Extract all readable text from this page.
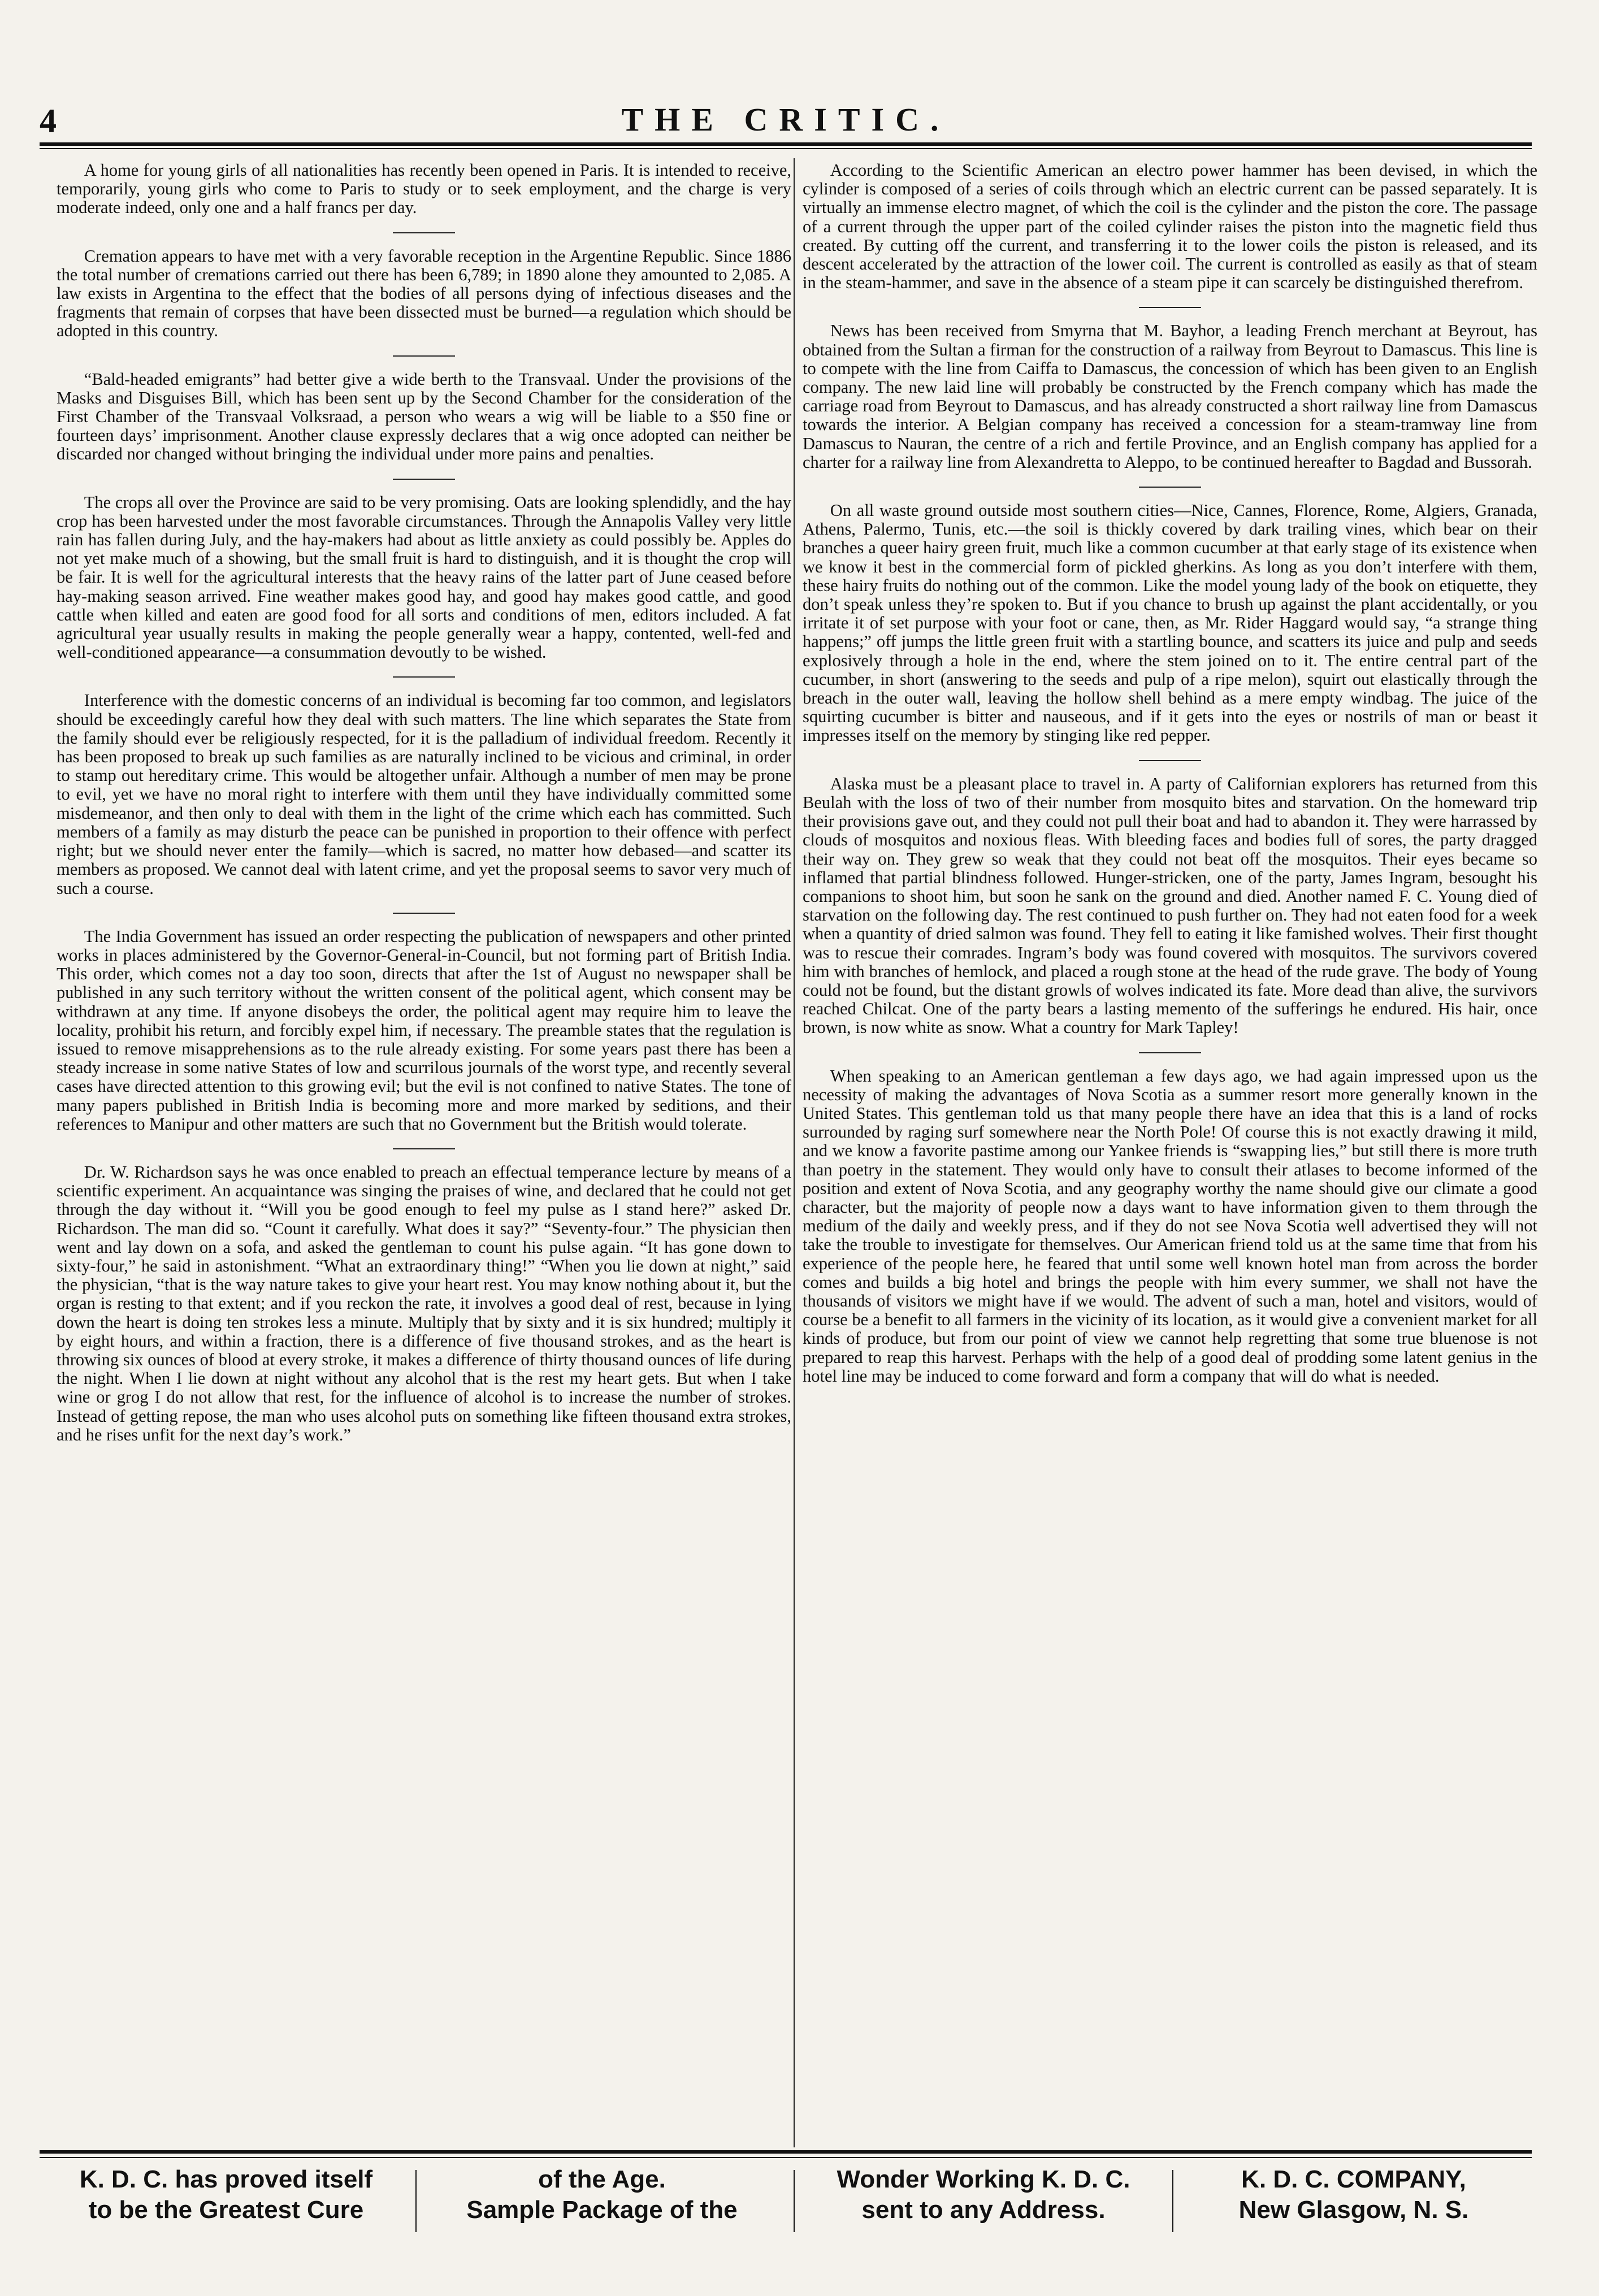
4	THE CRITIC.

A home for young girls of all nationalities has recently been opened in Paris. It is intended to receive, temporarily, young girls who come to Paris to study or to seek employment, and the charge is very moderate indeed, only one and a half francs per day.

Cremation appears to have met with a very favorable reception in the Argentine Republic. Since 1886 the total number of cremations carried out there has been 6,789; in 1890 alone they amounted to 2,085. A law exists in Argentina to the effect that the bodies of all persons dying of infectious diseases and the fragments that remain of corpses that have been dissected must be burned—a regulation which should be adopted in this country.

“Bald-headed emigrants” had better give a wide berth to the Transvaal. Under the provisions of the Masks and Disguises Bill, which has been sent up by the Second Chamber for the consideration of the First Chamber of the Transvaal Volksraad, a person who wears a wig will be liable to a $50 fine or fourteen days’ imprisonment. Another clause expressly declares that a wig once adopted can neither be discarded nor changed without bringing the individual under more pains and penalties.

The crops all over the Province are said to be very promising. Oats are looking splendidly, and the hay crop has been harvested under the most favorable circumstances. Through the Annapolis Valley very little rain has fallen during July, and the hay-makers had about as little anxiety as could possibly be. Apples do not yet make much of a showing, but the small fruit is hard to distinguish, and it is thought the crop will be fair. It is well for the agricultural interests that the heavy rains of the latter part of June ceased before hay-making season arrived. Fine weather makes good hay, and good hay makes good cattle, and good cattle when killed and eaten are good food for all sorts and conditions of men, editors included. A fat agricultural year usually results in making the people generally wear a happy, contented, well-fed and well-conditioned appearance—a consummation devoutly to be wished.

Interference with the domestic concerns of an individual is becoming far too common, and legislators should be exceedingly careful how they deal with such matters. The line which separates the State from the family should ever be religiously respected, for it is the palladium of individual freedom. Recently it has been proposed to break up such families as are naturally inclined to be vicious and criminal, in order to stamp out hereditary crime. This would be altogether unfair. Although a number of men may be prone to evil, yet we have no moral right to interfere with them until they have individually committed some misdemeanor, and then only to deal with them in the light of the crime which each has committed. Such members of a family as may disturb the peace can be punished in proportion to their offence with perfect right; but we should never enter the family—which is sacred, no matter how debased—and scatter its members as proposed. We cannot deal with latent crime, and yet the proposal seems to savor very much of such a course.

The India Government has issued an order respecting the publication of newspapers and other printed works in places administered by the Governor-General-in-Council, but not forming part of British India. This order, which comes not a day too soon, directs that after the 1st of August no newspaper shall be published in any such territory without the written consent of the political agent, which consent may be withdrawn at any time. If anyone disobeys the order, the political agent may require him to leave the locality, prohibit his return, and forcibly expel him, if necessary. The preamble states that the regulation is issued to remove misapprehensions as to the rule already existing. For some years past there has been a steady increase in some native States of low and scurrilous journals of the worst type, and recently several cases have directed attention to this growing evil; but the evil is not confined to native States. The tone of many papers published in British India is becoming more and more marked by seditions, and their references to Manipur and other matters are such that no Government but the British would tolerate.

Dr. W. Richardson says he was once enabled to preach an effectual temperance lecture by means of a scientific experiment. An acquaintance was singing the praises of wine, and declared that he could not get through the day without it. “Will you be good enough to feel my pulse as I stand here?” asked Dr. Richardson. The man did so. “Count it carefully. What does it say?” “Seventy-four.” The physician then went and lay down on a sofa, and asked the gentleman to count his pulse again. “It has gone down to sixty-four,” he said in astonishment. “What an extraordinary thing!” “When you lie down at night,” said the physician, “that is the way nature takes to give your heart rest. You may know nothing about it, but the organ is resting to that extent; and if you reckon the rate, it involves a good deal of rest, because in lying down the heart is doing ten strokes less a minute. Multiply that by sixty and it is six hundred; multiply it by eight hours, and within a fraction, there is a difference of five thousand strokes, and as the heart is throwing six ounces of blood at every stroke, it makes a difference of thirty thousand ounces of life during the night. When I lie down at night without any alcohol that is the rest my heart gets. But when I take wine or grog I do not allow that rest, for the influence of alcohol is to increase the number of strokes. Instead of getting repose, the man who uses alcohol puts on something like fifteen thousand extra strokes, and he rises unfit for the next day’s work.”

According to the Scientific American an electro power hammer has been devised, in which the cylinder is composed of a series of coils through which an electric current can be passed separately. It is virtually an immense electro magnet, of which the coil is the cylinder and the piston the core. The passage of a current through the upper part of the coiled cylinder raises the piston into the magnetic field thus created. By cutting off the current, and transferring it to the lower coils the piston is released, and its descent accelerated by the attraction of the lower coil. The current is controlled as easily as that of steam in the steam-hammer, and save in the absence of a steam pipe it can scarcely be distinguished therefrom.

News has been received from Smyrna that M. Bayhor, a leading French merchant at Beyrout, has obtained from the Sultan a firman for the construction of a railway from Beyrout to Damascus. This line is to compete with the line from Caiffa to Damascus, the concession of which has been given to an English company. The new laid line will probably be constructed by the French company which has made the carriage road from Beyrout to Damascus, and has already constructed a short railway line from Damascus towards the interior. A Belgian company has received a concession for a steam-tramway line from Damascus to Nauran, the centre of a rich and fertile Province, and an English company has applied for a charter for a railway line from Alexandretta to Aleppo, to be continued hereafter to Bagdad and Bussorah.

On all waste ground outside most southern cities—Nice, Cannes, Florence, Rome, Algiers, Granada, Athens, Palermo, Tunis, etc.—the soil is thickly covered by dark trailing vines, which bear on their branches a queer hairy green fruit, much like a common cucumber at that early stage of its existence when we know it best in the commercial form of pickled gherkins. As long as you don’t interfere with them, these hairy fruits do nothing out of the common. Like the model young lady of the book on etiquette, they don’t speak unless they’re spoken to. But if you chance to brush up against the plant accidentally, or you irritate it of set purpose with your foot or cane, then, as Mr. Rider Haggard would say, “a strange thing happens;” off jumps the little green fruit with a startling bounce, and scatters its juice and pulp and seeds explosively through a hole in the end, where the stem joined on to it. The entire central part of the cucumber, in short (answering to the seeds and pulp of a ripe melon), squirt out elastically through the breach in the outer wall, leaving the hollow shell behind as a mere empty windbag. The juice of the squirting cucumber is bitter and nauseous, and if it gets into the eyes or nostrils of man or beast it impresses itself on the memory by stinging like red pepper.

Alaska must be a pleasant place to travel in. A party of Californian explorers has returned from this Beulah with the loss of two of their number from mosquito bites and starvation. On the homeward trip their provisions gave out, and they could not pull their boat and had to abandon it. They were harrassed by clouds of mosquitos and noxious fleas. With bleeding faces and bodies full of sores, the party dragged their way on. They grew so weak that they could not beat off the mosquitos. Their eyes became so inflamed that partial blindness followed. Hunger-stricken, one of the party, James Ingram, besought his companions to shoot him, but soon he sank on the ground and died. Another named F. C. Young died of starvation on the following day. The rest continued to push further on. They had not eaten food for a week when a quantity of dried salmon was found. They fell to eating it like famished wolves. Their first thought was to rescue their comrades. Ingram’s body was found covered with mosquitos. The survivors covered him with branches of hemlock, and placed a rough stone at the head of the rude grave. The body of Young could not be found, but the distant growls of wolves indicated its fate. More dead than alive, the survivors reached Chilcat. One of the party bears a lasting memento of the sufferings he endured. His hair, once brown, is now white as snow. What a country for Mark Tapley!

When speaking to an American gentleman a few days ago, we had again impressed upon us the necessity of making the advantages of Nova Scotia as a summer resort more generally known in the United States. This gentleman told us that many people there have an idea that this is a land of rocks surrounded by raging surf somewhere near the North Pole! Of course this is not exactly drawing it mild, and we know a favorite pastime among our Yankee friends is “swapping lies,” but still there is more truth than poetry in the statement. They would only have to consult their atlases to become informed of the position and extent of Nova Scotia, and any geography worthy the name should give our climate a good character, but the majority of people now a days want to have information given to them through the medium of the daily and weekly press, and if they do not see Nova Scotia well advertised they will not take the trouble to investigate for themselves. Our American friend told us at the same time that from his experience of the people here, he feared that until some well known hotel man from across the border comes and builds a big hotel and brings the people with him every summer, we shall not have the thousands of visitors we might have if we would. The advent of such a man, hotel and visitors, would of course be a benefit to all farmers in the vicinity of its location, as it would give a convenient market for all kinds of produce, but from our point of view we cannot help regretting that some true bluenose is not prepared to reap this harvest. Perhaps with the help of a good deal of prodding some latent genius in the hotel line may be induced to come forward and form a company that will do what is needed.

K. D. C. has proved itself
to be the Greatest Cure
of the Age.
Sample Package of the
Wonder Working K. D. C.
sent to any Address.
K. D. C. COMPANY,
New Glasgow, N. S.
